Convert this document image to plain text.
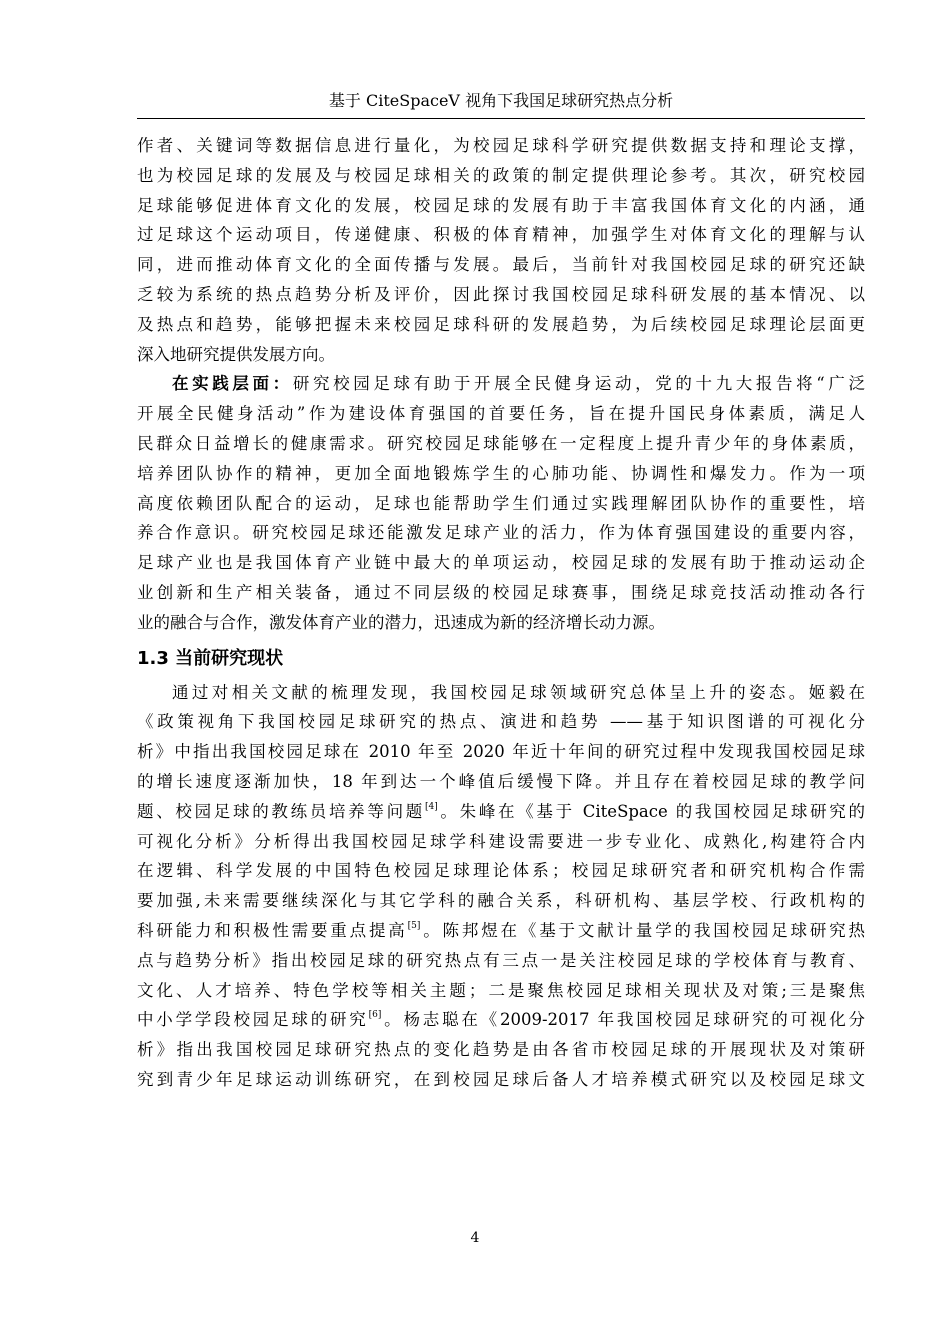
基于 CiteSpaceV 视角下我国足球研究热点分析
作者、关键词等数据信息进行量化，为校园足球科学研究提供数据支持和理论支撑，
也为校园足球的发展及与校园足球相关的政策的制定提供理论参考。其次，研究校园
足球能够促进体育文化的发展，校园足球的发展有助于丰富我国体育文化的内涵，通
过足球这个运动项目，传递健康、积极的体育精神，加强学生对体育文化的理解与认
同，进而推动体育文化的全面传播与发展。最后，当前针对我国校园足球的研究还缺
乏较为系统的热点趋势分析及评价，因此探讨我国校园足球科研发展的基本情况、以
及热点和趋势，能够把握未来校园足球科研的发展趋势，为后续校园足球理论层面更
深入地研究提供发展方向。
在实践层面：研究校园足球有助于开展全民健身运动，党的十九大报告将“广泛
开展全民健身活动”作为建设体育强国的首要任务，旨在提升国民身体素质，满足人
民群众日益增长的健康需求。研究校园足球能够在一定程度上提升青少年的身体素质，
培养团队协作的精神，更加全面地锻炼学生的心肺功能、协调性和爆发力。作为一项
高度依赖团队配合的运动，足球也能帮助学生们通过实践理解团队协作的重要性，培
养合作意识。研究校园足球还能激发足球产业的活力，作为体育强国建设的重要内容，
足球产业也是我国体育产业链中最大的单项运动，校园足球的发展有助于推动运动企
业创新和生产相关装备，通过不同层级的校园足球赛事，围绕足球竞技活动推动各行
业的融合与合作，激发体育产业的潜力，迅速成为新的经济增长动力源。
1.3 当前研究现状
通过对相关文献的梳理发现，我国校园足球领域研究总体呈上升的姿态。姬毅在
《政策视角下我国校园足球研究的热点、演进和趋势 ——基于知识图谱的可视化分
析》中指出我国校园足球在 2010 年至 2020 年近十年间的研究过程中发现我国校园足球
的增长速度逐渐加快，18 年到达一个峰值后缓慢下降。并且存在着校园足球的教学问
题、校园足球的教练员培养等问题[4]。朱峰在《基于 CiteSpace 的我国校园足球研究的
可视化分析》分析得出我国校园足球学科建设需要进一步专业化、成熟化,构建符合内
在逻辑、科学发展的中国特色校园足球理论体系；校园足球研究者和研究机构合作需
要加强,未来需要继续深化与其它学科的融合关系，科研机构、基层学校、行政机构的
科研能力和积极性需要重点提高[5]。陈邦煜在《基于文献计量学的我国校园足球研究热
点与趋势分析》指出校园足球的研究热点有三点一是关注校园足球的学校体育与教育、
文化、人才培养、特色学校等相关主题；二是聚焦校园足球相关现状及对策;三是聚焦
中小学学段校园足球的研究[6]。杨志聪在《2009-2017 年我国校园足球研究的可视化分
析》指出我国校园足球研究热点的变化趋势是由各省市校园足球的开展现状及对策研
究到青少年足球运动训练研究，在到校园足球后备人才培养模式研究以及校园足球文
4
